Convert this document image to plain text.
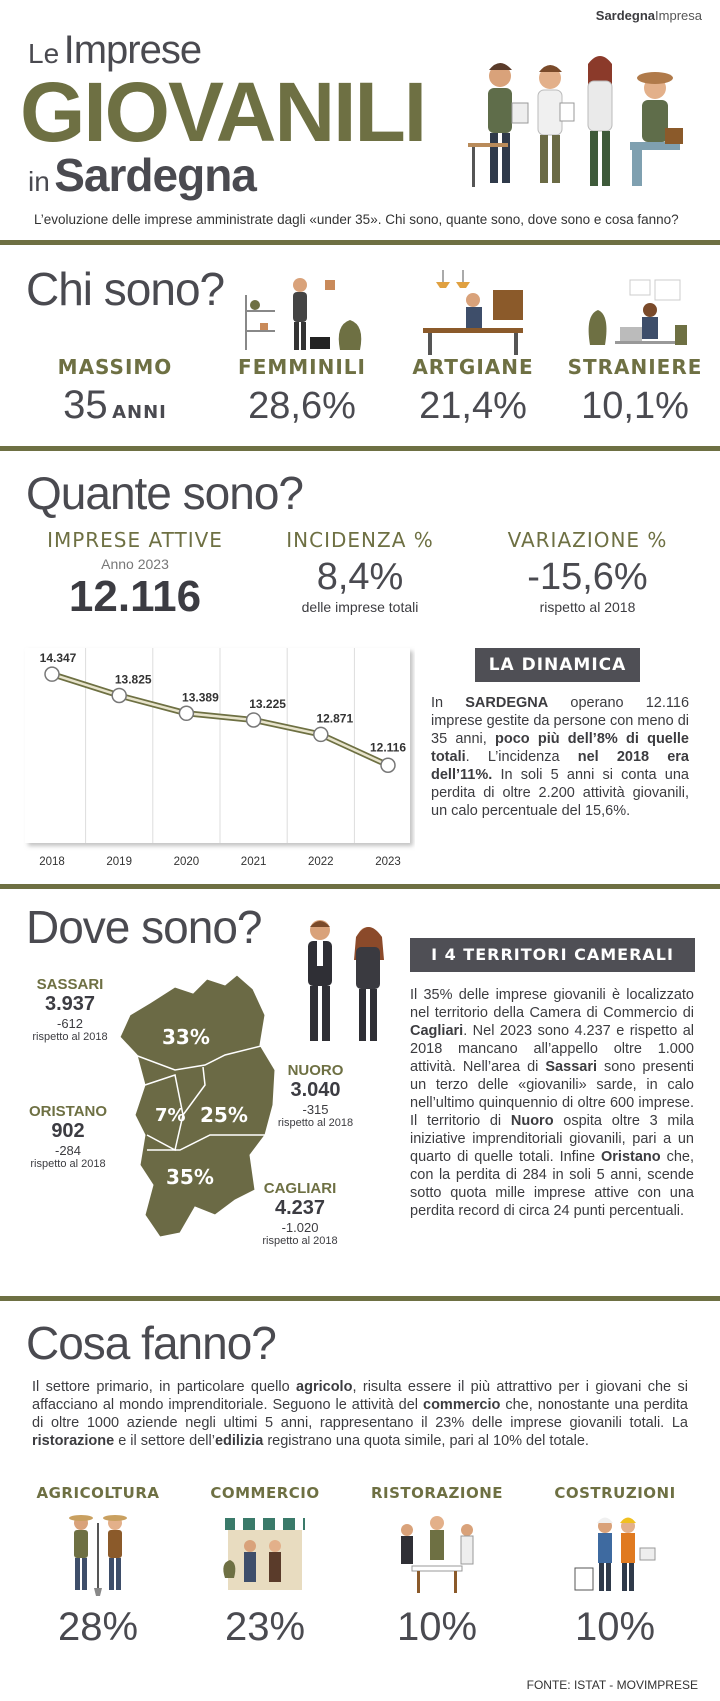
SardegnaImpresa
Le Imprese
GIOVANILI
in Sardegna
L’evoluzione delle imprese amministrate dagli «under 35». Chi sono, quante sono, dove sono e cosa fanno?
Chi sono?
MASSIMO
35 ANNI
FEMMINILI
28,6%
ARTGIANE
21,4%
STRANIERE
10,1%
Quante sono?
IMPRESE ATTIVE
Anno 2023
12.116
INCIDENZA %
8,4%
delle imprese totali
VARIAZIONE %
-15,6%
rispetto al 2018
14.347
13.825
13.389	13.225
12.871
12.116
2018	2019	2020	2021	2022	2023
LA DINAMICA
In SARDEGNA operano 12.116 imprese gestite da persone con meno di 35 anni, poco più dell’8% di quelle totali. L’incidenza nel 2018 era dell’11%. In soli 5 anni si conta una perdita di oltre 2.200 attività giovanili, un calo percentuale del 15,6%.
Dove sono?
I 4 TERRITORI CAMERALI
Il 35% delle imprese giovanili è localizzato nel territorio della Camera di Commercio di Cagliari. Nel 2023 sono 4.237 e rispetto al 2018 mancano all’appello oltre 1.000 attività. Nell’area di Sassari sono presenti un terzo delle «giovanili» sarde, in calo nell’ultimo quinquennio di oltre 600 imprese. Il territorio di Nuoro ospita oltre 3 mila iniziative imprenditoriali giovanili, pari a un quarto di quelle totali. Infine Oristano che, con la perdita di 284 in soli 5 anni, scende sotto quota mille imprese attive con una perdita record di circa 24 punti percentuali.
33%
7% 25%
35%
SASSARI
3.937
-612
rispetto al 2018
NUORO
3.040
-315
rispetto al 2018
ORISTANO
902
-284
rispetto al 2018
CAGLIARI
4.237
-1.020
rispetto al 2018
Cosa fanno?
Il settore primario, in particolare quello agricolo, risulta essere il più attrattivo per i giovani che si affacciano al mondo imprenditoriale. Seguono le attività del commercio che, nonostante una perdita di oltre 1000 aziende negli ultimi 5 anni, rappresentano il 23% delle imprese giovanili totali. La ristorazione e il settore dell’edilizia registrano una quota simile, pari al 10% del totale.
AGRICOLTURA
28%
COMMERCIO
23%
RISTORAZIONE
10%
COSTRUZIONI
10%
FONTE: ISTAT - MOVIMPRESE
